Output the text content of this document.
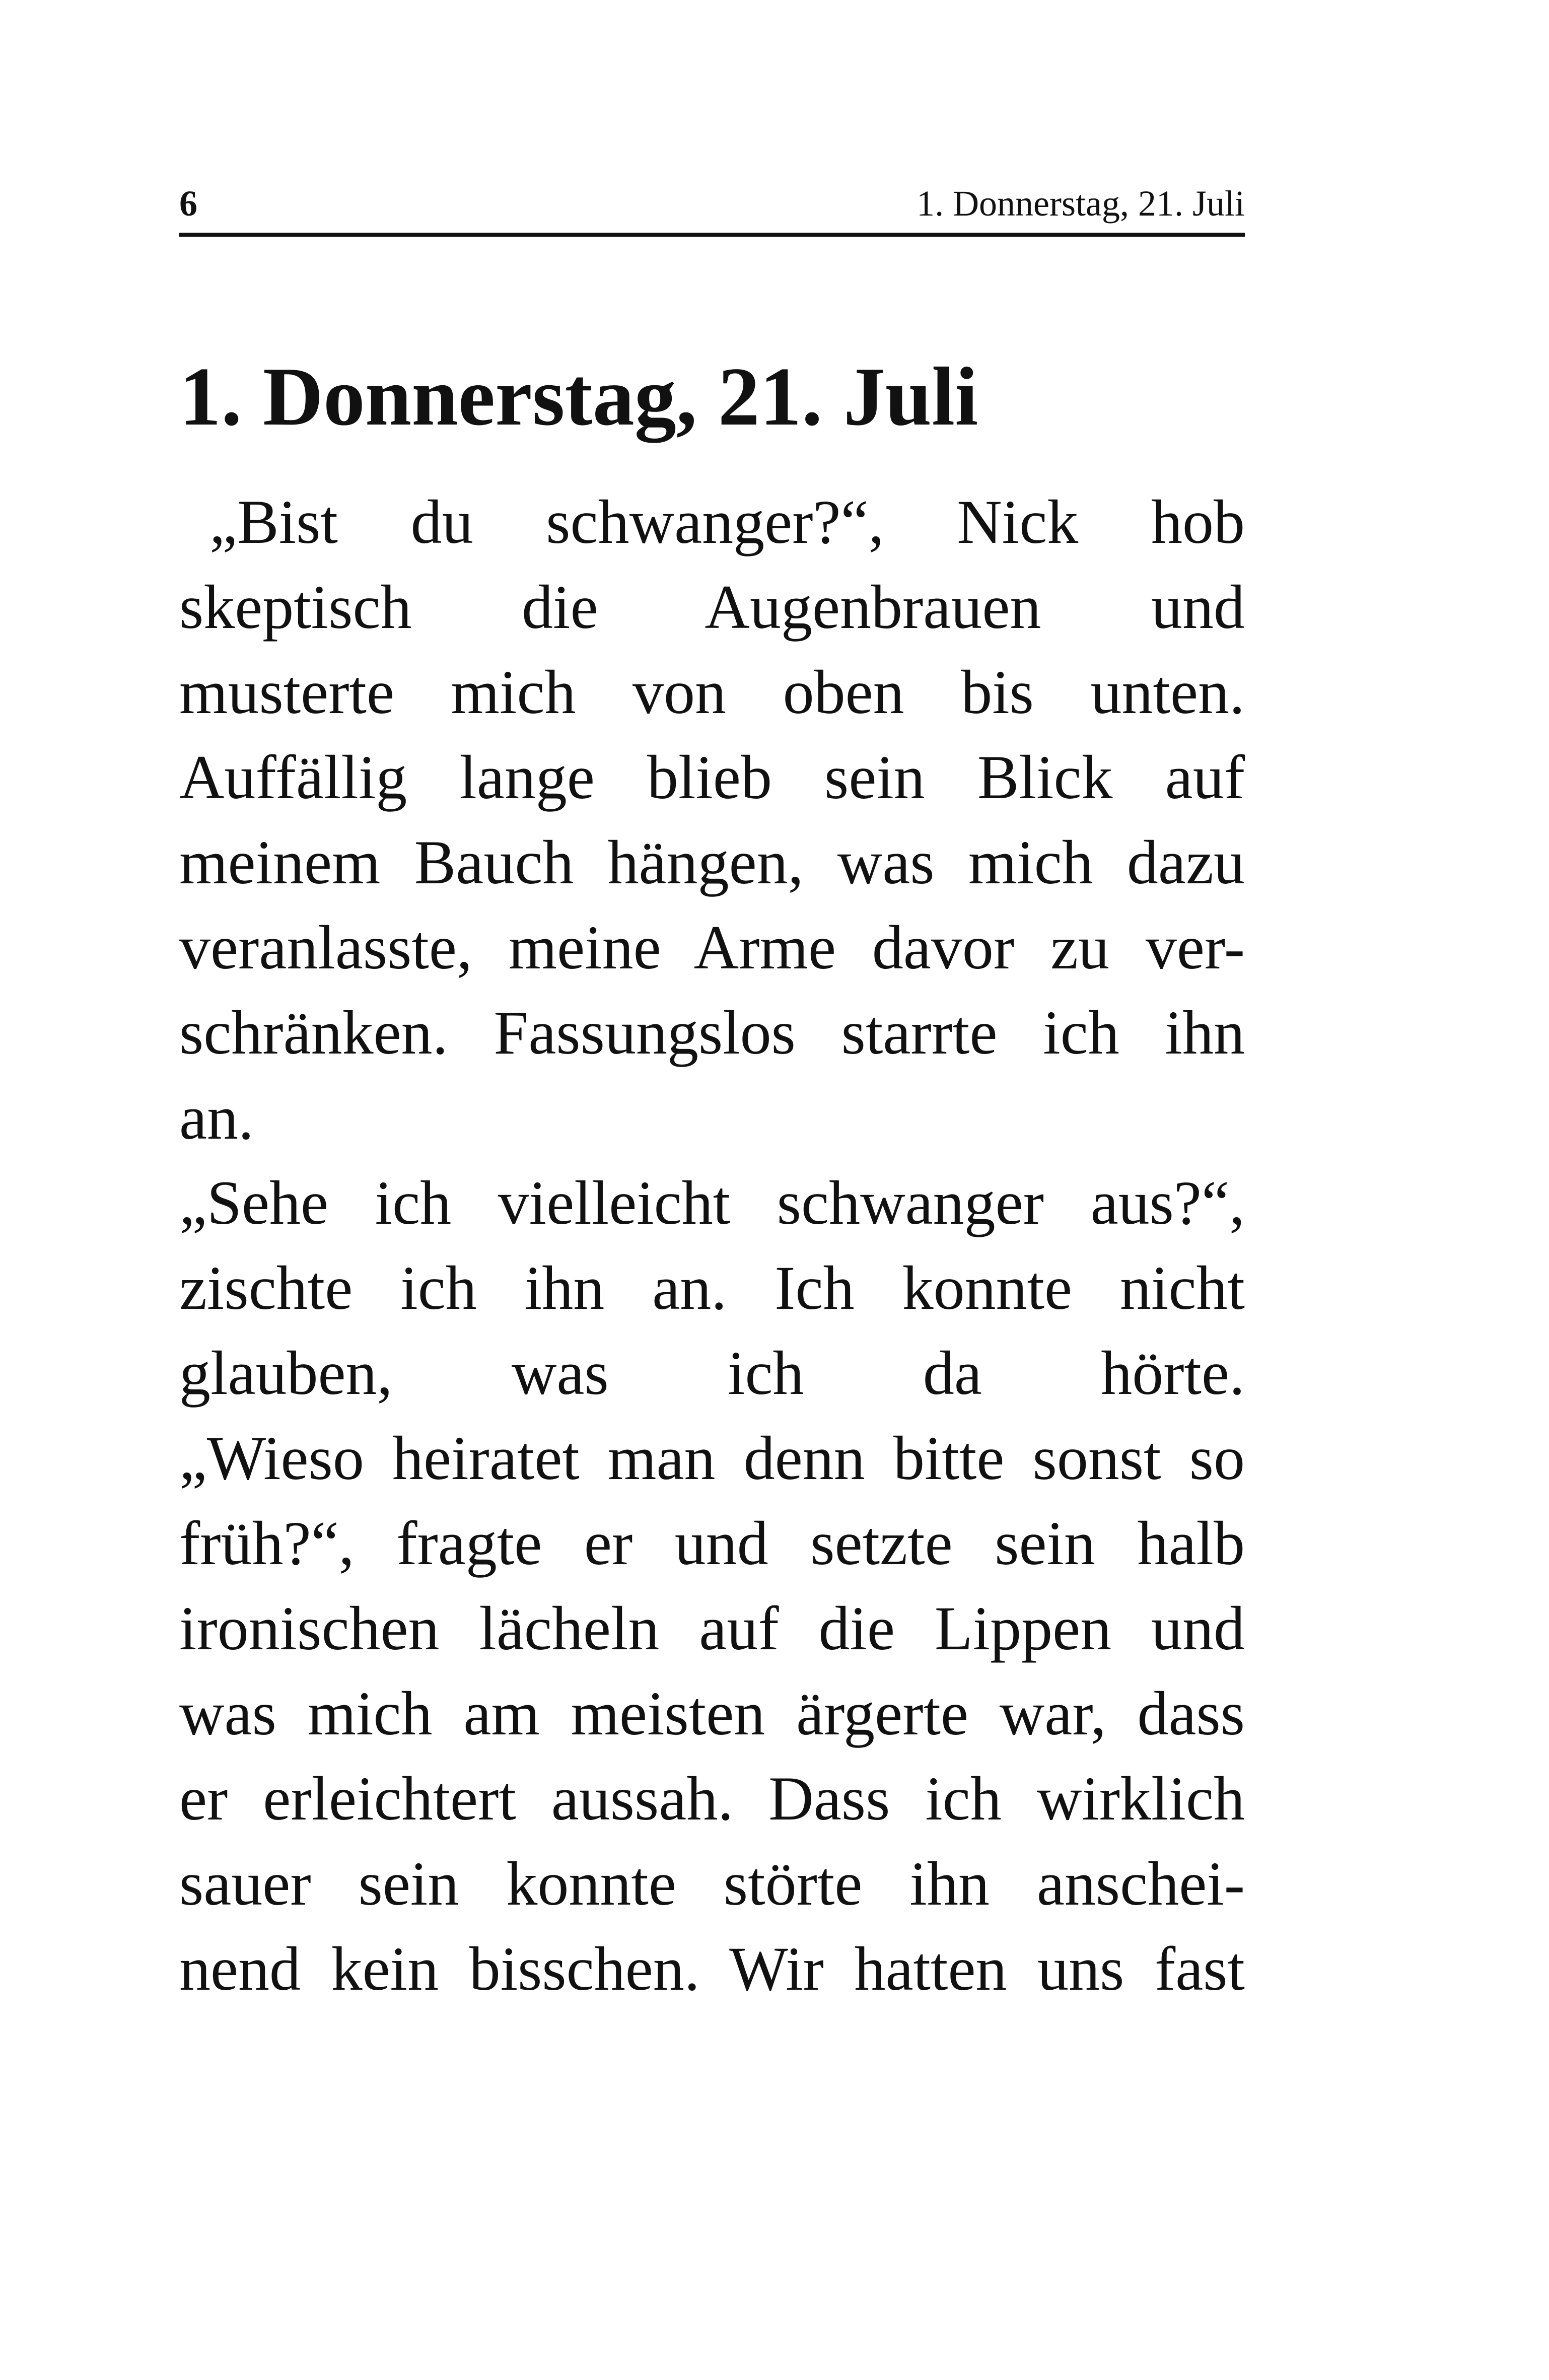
6	1. Donnerstag, 21. Juli
1. Donnerstag, 21. Juli
„Bist du schwanger?“, Nick hob
skeptisch die Augenbrauen und
musterte mich von oben bis unten.
Auffällig lange blieb sein Blick auf
meinem Bauch hängen, was mich dazu
veranlasste, meine Arme davor zu ver-
schränken. Fassungslos starrte ich ihn
an.
„Sehe ich vielleicht schwanger aus?“,
zischte ich ihn an. Ich konnte nicht
glauben, was ich da hörte.
„Wieso heiratet man denn bitte sonst so
früh?“, fragte er und setzte sein halb
ironischen lächeln auf die Lippen und
was mich am meisten ärgerte war, dass
er erleichtert aussah. Dass ich wirklich
sauer sein konnte störte ihn anschei-
nend kein bisschen. Wir hatten uns fast
